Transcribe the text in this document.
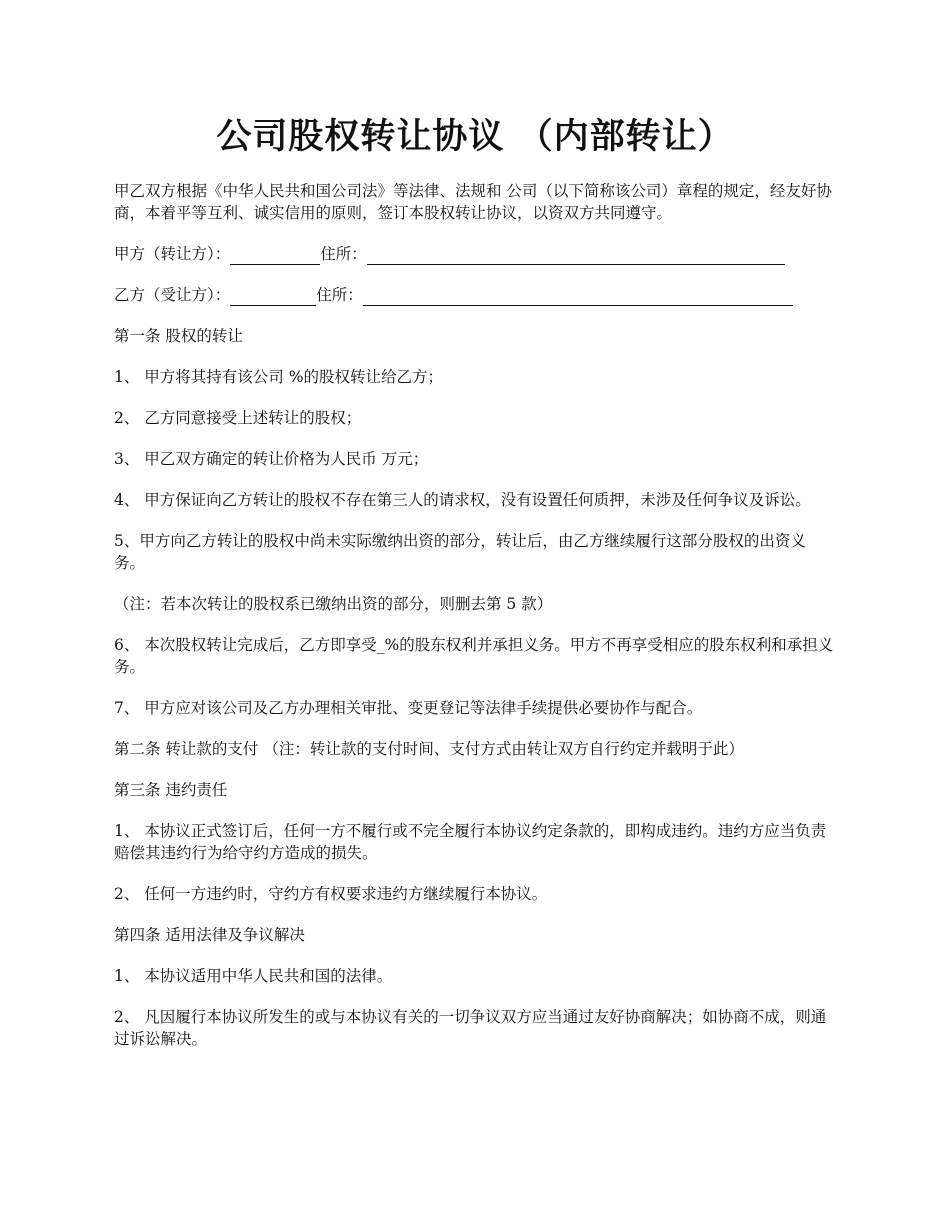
公司股权转让协议 （内部转让）

甲乙双方根据《中华人民共和国公司法》等法律、法规和 公司（以下简称该公司）章程的规定，经友好协商，本着平等互利、诚实信用的原则，签订本股权转让协议，以资双方共同遵守。

甲方（转让方）：	住所：

乙方（受让方）：	住所：

第一条 股权的转让

1、 甲方将其持有该公司 %的股权转让给乙方；

2、 乙方同意接受上述转让的股权；

3、 甲乙双方确定的转让价格为人民币 万元；

4、 甲方保证向乙方转让的股权不存在第三人的请求权，没有设置任何质押，未涉及任何争议及诉讼。

5、甲方向乙方转让的股权中尚未实际缴纳出资的部分，转让后，由乙方继续履行这部分股权的出资义务。

（注：若本次转让的股权系已缴纳出资的部分，则删去第 5 款）

6、 本次股权转让完成后，乙方即享受_%的股东权利并承担义务。甲方不再享受相应的股东权利和承担义务。

7、 甲方应对该公司及乙方办理相关审批、变更登记等法律手续提供必要协作与配合。

第二条 转让款的支付 （注：转让款的支付时间、支付方式由转让双方自行约定并载明于此）

第三条 违约责任

1、 本协议正式签订后，任何一方不履行或不完全履行本协议约定条款的，即构成违约。违约方应当负责赔偿其违约行为给守约方造成的损失。

2、 任何一方违约时，守约方有权要求违约方继续履行本协议。

第四条 适用法律及争议解决

1、 本协议适用中华人民共和国的法律。

2、 凡因履行本协议所发生的或与本协议有关的一切争议双方应当通过友好协商解决；如协商不成，则通过诉讼解决。
